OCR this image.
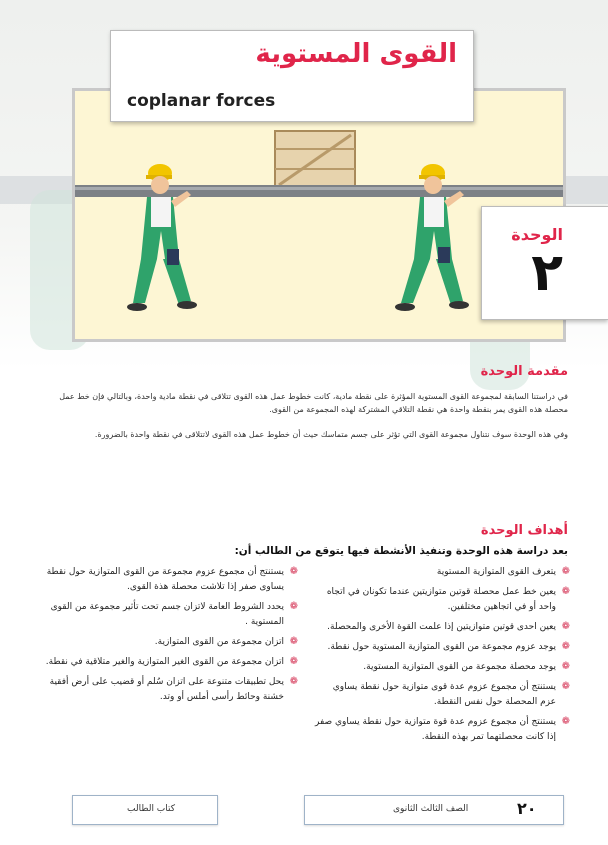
القوى المستوية
coplanar forces
الوحدة
٢
مقدمة الوحدة

في دراستنا السابقة لمجموعة القوى المستوية المؤثرة على نقطة مادية، كانت خطوط عمل هذه القوى تتلاقى في نقطة مادية واحدة، وبالتالي فإن خط عمل محصلة هذه القوى يمر بنقطة واحدة هي نقطة التلاقي المشتركة لهذه المجموعة من القوى.

وفي هذه الوحدة سوف نتناول مجموعة القوى التي تؤثر على جسم متماسك حيث أن خطوط عمل هذه القوى لاتتلاقى في نقطة واحدة بالضرورة.

أهداف الوحدة
بعد دراسة هذه الوحدة وتنفيذ الأنشطة فيها يتوقع من الطالب أن:
❁
يتعرف القوى المتوازية المستوية
❁
يعين خط عمل محصلة قوتين متوازيتين عندما تكونان في اتجاه واحد أو في اتجاهين مختلفين.
❁
يعين احدى قوتين متوازيتين إذا علمت القوة الأخرى والمحصلة.
❁
يوجد عزوم مجموعة من القوى المتوازية المستوية حول نقطة.
❁
يوجد محصلة مجموعة من القوى المتوازية المستوية.
❁
يستنتج أن مجموع عزوم عدة قوى متوازية حول نقطة يساوي عزم المحصلة حول نفس النقطة.
❁
يستنتج أن مجموع عزوم عدة قوة متوازية حول نقطة يساوي صفر إذا كانت محصلتهما تمر بهذه النقطة.
❁
يستنتج أن مجموع عزوم مجموعة من القوى المتوازية حول نقطة يساوى صفر إذا تلاشت محصلة هذة القوى.
❁
يحدد الشروط العامة لاتزان جسم تحت تأثير مجموعة من القوى المستوية .
❁
اتزان مجموعة من القوى المتوازية.
❁
اتزان مجموعة من القوى الغير المتوازية والغير متلاقية في نقطة.
❁
يحل تطبيقات متنوعة على اتزان سُلم أو قضيب على أرض أفقية خشنة وحائط رأسى أملس أو وتد.
٢٠
الصف الثالث الثانوى
كتاب الطالب
